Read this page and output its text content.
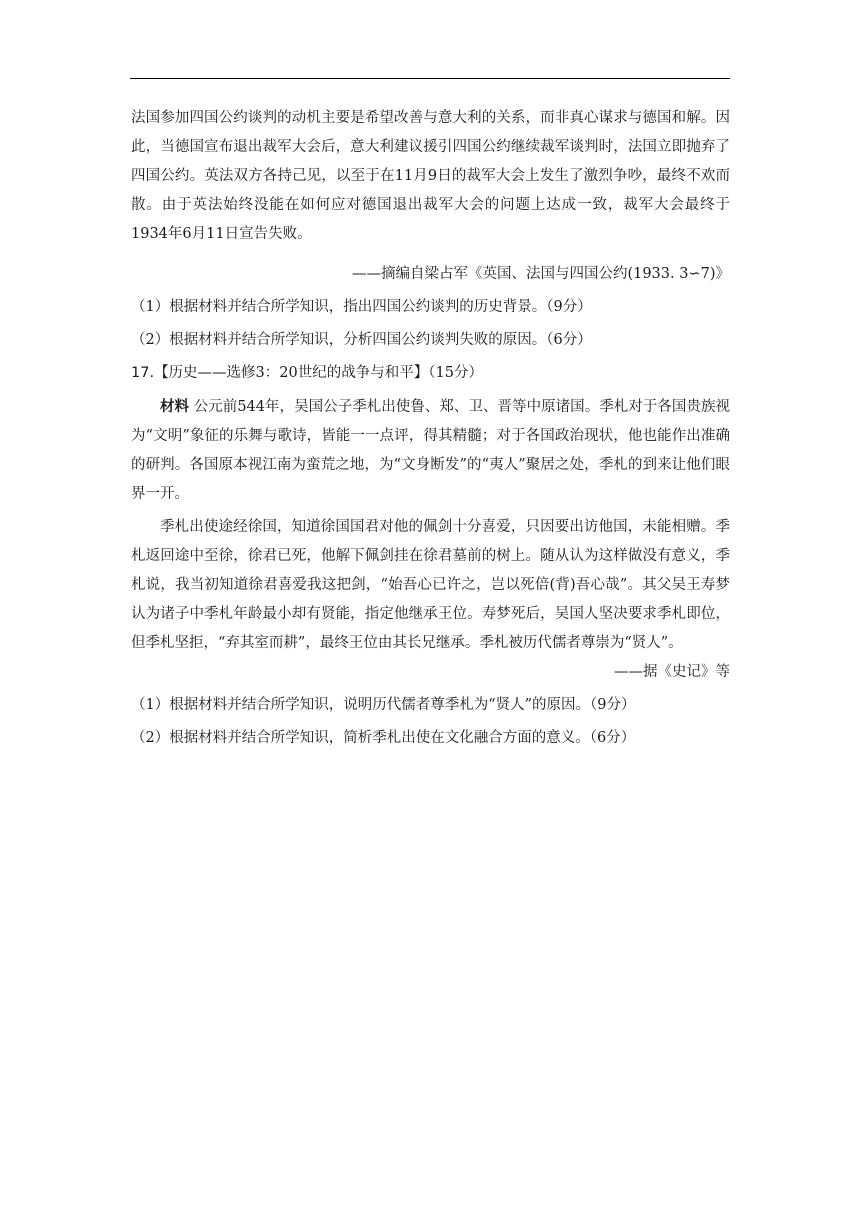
法国参加四国公约谈判的动机主要是希望改善与意大利的关系，而非真心谋求与德国和解。因此，当德国宣布退出裁军大会后，意大利建议援引四国公约继续裁军谈判时，法国立即抛弃了四国公约。英法双方各持己见，以至于在11月9日的裁军大会上发生了激烈争吵，最终不欢而散。由于英法始终没能在如何应对德国退出裁军大会的问题上达成一致，裁军大会最终于1934年6月11日宣告失败。

——摘编自梁占军《英国、法国与四国公约(1933. 3∽7)》

（1）根据材料并结合所学知识，指出四国公约谈判的历史背景。（9分）

（2）根据材料并结合所学知识，分析四国公约谈判失败的原因。（6分）

17.【历史——选修3：20世纪的战争与和平】（15分）

材料 公元前544年，吴国公子季札出使鲁、郑、卫、晋等中原诸国。季札对于各国贵族视为“文明”象征的乐舞与歌诗，皆能一一点评，得其精髓；对于各国政治现状，他也能作出准确的研判。各国原本视江南为蛮荒之地，为“文身断发”的“夷人”聚居之处，季札的到来让他们眼界一开。

季札出使途经徐国，知道徐国国君对他的佩剑十分喜爱，只因要出访他国，未能相赠。季札返回途中至徐，徐君已死，他解下佩剑挂在徐君墓前的树上。随从认为这样做没有意义，季札说，我当初知道徐君喜爱我这把剑，“始吾心已许之，岂以死倍(背)吾心哉”。其父吴王寿梦认为诸子中季札年龄最小却有贤能，指定他继承王位。寿梦死后，吴国人坚决要求季札即位，但季札坚拒，“弃其室而耕”，最终王位由其长兄继承。季札被历代儒者尊崇为“贤人”。

——据《史记》等

（1）根据材料并结合所学知识，说明历代儒者尊季札为“贤人”的原因。（9分）

（2）根据材料并结合所学知识，简析季札出使在文化融合方面的意义。（6分）
